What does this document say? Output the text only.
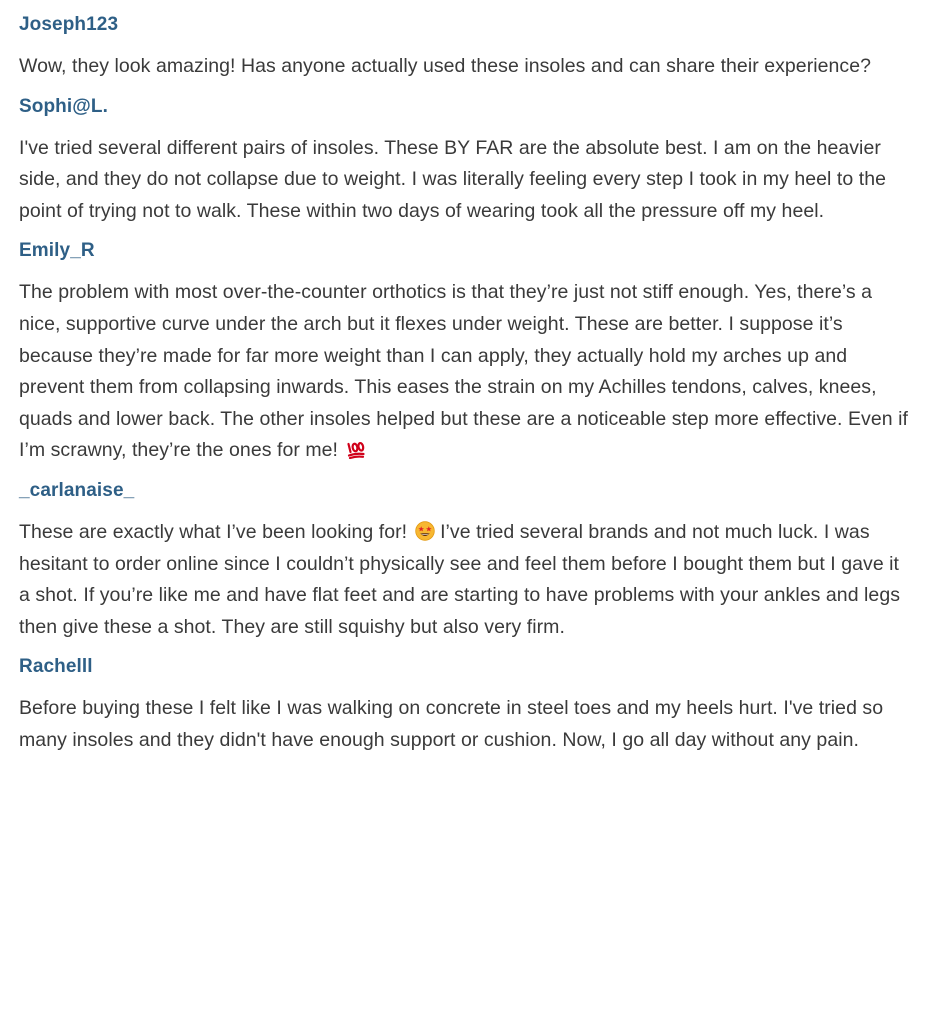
Joseph123

Wow, they look amazing! Has anyone actually used these insoles and can share their experience?

Sophi@L.

I've tried several different pairs of insoles. These BY FAR are the absolute best. I am on the heavier side, and they do not collapse due to weight. I was literally feeling every step I took in my heel to the point of trying not to walk. These within two days of wearing took all the pressure off my heel.

Emily_R

The problem with most over-the-counter orthotics is that they’re just not stiff enough. Yes, there’s a nice, supportive curve under the arch but it flexes under weight. These are better. I suppose it’s because they’re made for far more weight than I can apply, they actually hold my arches up and prevent them from collapsing inwards. This eases the strain on my Achilles tendons, calves, knees, quads and lower back. The other insoles helped but these are a noticeable step more effective. Even if I’m scrawny, they’re the ones for me!

_carlanaise_

These are exactly what I’ve been looking for! I’ve tried several brands and not much luck. I was hesitant to order online since I couldn’t physically see and feel them before I bought them but I gave it a shot. If you’re like me and have flat feet and are starting to have problems with your ankles and legs then give these a shot. They are still squishy but also very firm.

Rachelll

Before buying these I felt like I was walking on concrete in steel toes and my heels hurt. I've tried so many insoles and they didn't have enough support or cushion. Now, I go all day without any pain.
